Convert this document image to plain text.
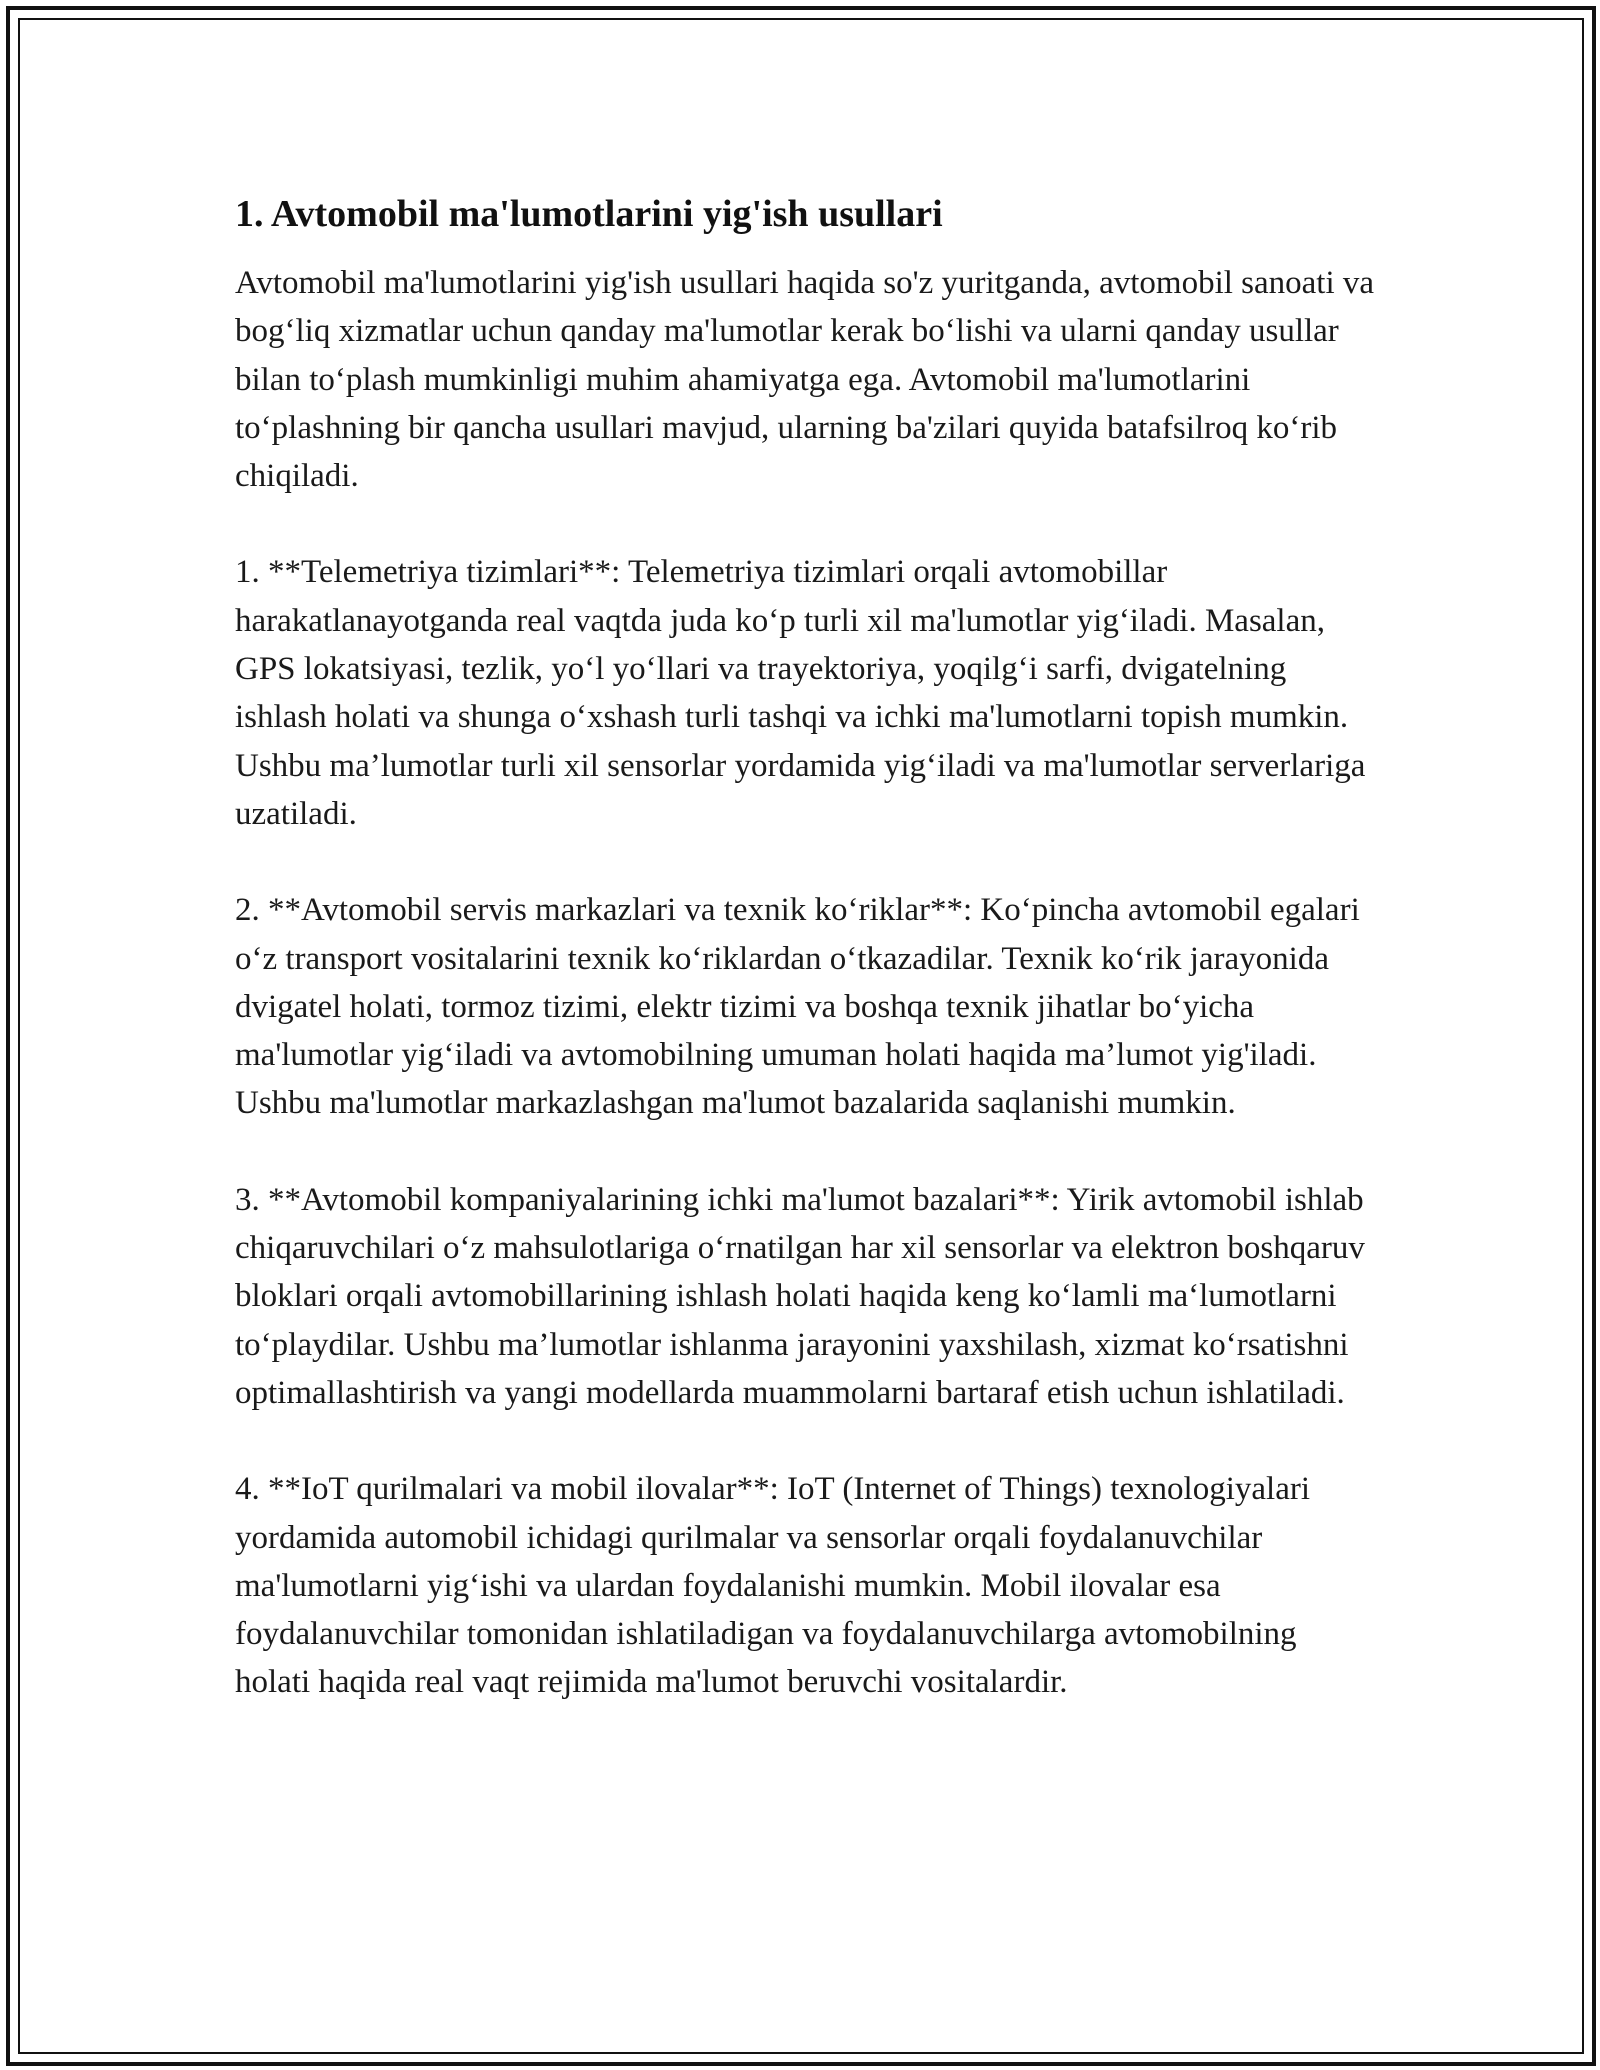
1. Avtomobil ma'lumotlarini yig'ish usullari

Avtomobil ma'lumotlarini yig'ish usullari haqida so'z yuritganda, avtomobil sanoati va bog‘liq xizmatlar uchun qanday ma'lumotlar kerak bo‘lishi va ularni qanday usullar bilan to‘plash mumkinligi muhim ahamiyatga ega. Avtomobil ma'lumotlarini to‘plashning bir qancha usullari mavjud, ularning ba'zilari quyida batafsilroq ko‘rib chiqiladi.

1. **Telemetriya tizimlari**: Telemetriya tizimlari orqali avtomobillar harakatlanayotganda real vaqtda juda ko‘p turli xil ma'lumotlar yig‘iladi. Masalan, GPS lokatsiyasi, tezlik, yo‘l yo‘llari va trayektoriya, yoqilg‘i sarfi, dvigatelning ishlash holati va shunga o‘xshash turli tashqi va ichki ma'lumotlarni topish mumkin. Ushbu ma’lumotlar turli xil sensorlar yordamida yig‘iladi va ma'lumotlar serverlariga uzatiladi.

2. **Avtomobil servis markazlari va texnik ko‘riklar**: Ko‘pincha avtomobil egalari o‘z transport vositalarini texnik ko‘riklardan o‘tkazadilar. Texnik ko‘rik jarayonida dvigatel holati, tormoz tizimi, elektr tizimi va boshqa texnik jihatlar bo‘yicha ma'lumotlar yig‘iladi va avtomobilning umuman holati haqida ma’lumot yig'iladi. Ushbu ma'lumotlar markazlashgan ma'lumot bazalarida saqlanishi mumkin.

3. **Avtomobil kompaniyalarining ichki ma'lumot bazalari**: Yirik avtomobil ishlab chiqaruvchilari o‘z mahsulotlariga o‘rnatilgan har xil sensorlar va elektron boshqaruv bloklari orqali avtomobillarining ishlash holati haqida keng ko‘lamli ma‘lumotlarni to‘playdilar. Ushbu ma’lumotlar ishlanma jarayonini yaxshilash, xizmat ko‘rsatishni optimallashtirish va yangi modellarda muammolarni bartaraf etish uchun ishlatiladi.

4. **IoT qurilmalari va mobil ilovalar**: IoT (Internet of Things) texnologiyalari yordamida automobil ichidagi qurilmalar va sensorlar orqali foydalanuvchilar ma'lumotlarni yig‘ishi va ulardan foydalanishi mumkin. Mobil ilovalar esa foydalanuvchilar tomonidan ishlatiladigan va foydalanuvchilarga avtomobilning holati haqida real vaqt rejimida ma'lumot beruvchi vositalardir.
